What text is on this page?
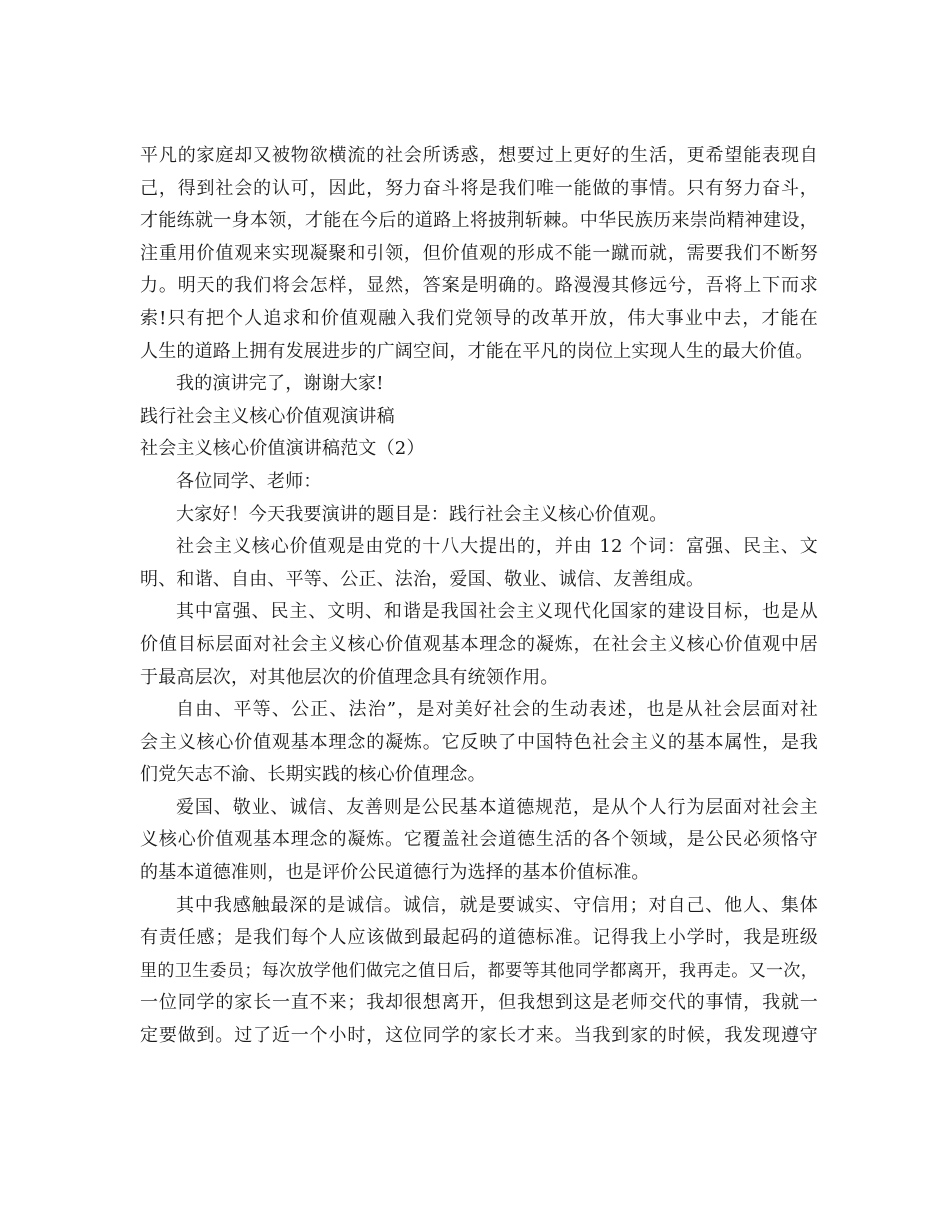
平凡的家庭却又被物欲横流的社会所诱惑，想要过上更好的生活，更希望能表现自
己，得到社会的认可，因此，努力奋斗将是我们唯一能做的事情。只有努力奋斗，
才能练就一身本领，才能在今后的道路上将披荆斩棘。中华民族历来崇尚精神建设，
注重用价值观来实现凝聚和引领，但价值观的形成不能一蹴而就，需要我们不断努
力。明天的我们将会怎样，显然，答案是明确的。路漫漫其修远兮，吾将上下而求
索!只有把个人追求和价值观融入我们党领导的改革开放，伟大事业中去，才能在
人生的道路上拥有发展进步的广阔空间，才能在平凡的岗位上实现人生的最大价值。
我的演讲完了，谢谢大家!
践行社会主义核心价值观演讲稿
社会主义核心价值演讲稿范文（2）
各位同学、老师：
大家好！今天我要演讲的题目是：践行社会主义核心价值观。
社会主义核心价值观是由党的十八大提出的，并由 12 个词：富强、民主、文
明、和谐、自由、平等、公正、法治，爱国、敬业、诚信、友善组成。
其中富强、民主、文明、和谐是我国社会主义现代化国家的建设目标，也是从
价值目标层面对社会主义核心价值观基本理念的凝炼，在社会主义核心价值观中居
于最高层次，对其他层次的价值理念具有统领作用。
自由、平等、公正、法治”，是对美好社会的生动表述，也是从社会层面对社
会主义核心价值观基本理念的凝炼。它反映了中国特色社会主义的基本属性，是我
们党矢志不渝、长期实践的核心价值理念。
爱国、敬业、诚信、友善则是公民基本道德规范，是从个人行为层面对社会主
义核心价值观基本理念的凝炼。它覆盖社会道德生活的各个领域，是公民必须恪守
的基本道德准则，也是评价公民道德行为选择的基本价值标准。
其中我感触最深的是诚信。诚信，就是要诚实、守信用；对自己、他人、集体
有责任感；是我们每个人应该做到最起码的道德标准。记得我上小学时，我是班级
里的卫生委员；每次放学他们做完之值日后，都要等其他同学都离开，我再走。又一次，
一位同学的家长一直不来；我却很想离开，但我想到这是老师交代的事情，我就一
定要做到。过了近一个小时，这位同学的家长才来。当我到家的时候，我发现遵守
